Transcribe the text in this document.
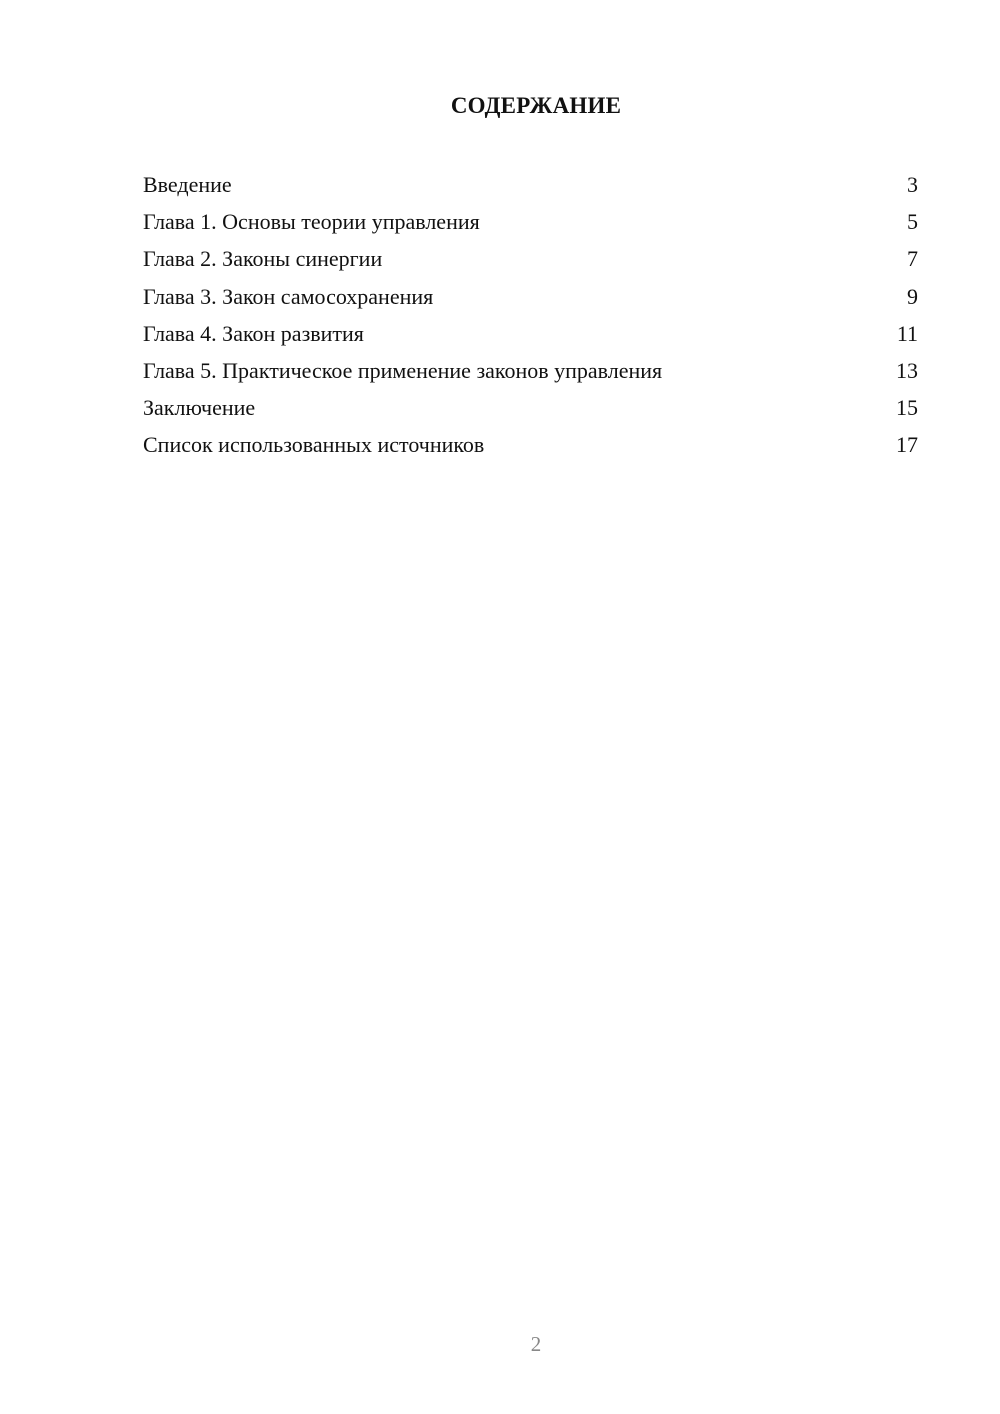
СОДЕРЖАНИЕ
Введение	3
Глава 1. Основы теории управления	5
Глава 2. Законы синергии	7
Глава 3. Закон самосохранения	9
Глава 4. Закон развития	11
Глава 5. Практическое применение законов управления	13
Заключение	15
Список использованных источников	17
2
